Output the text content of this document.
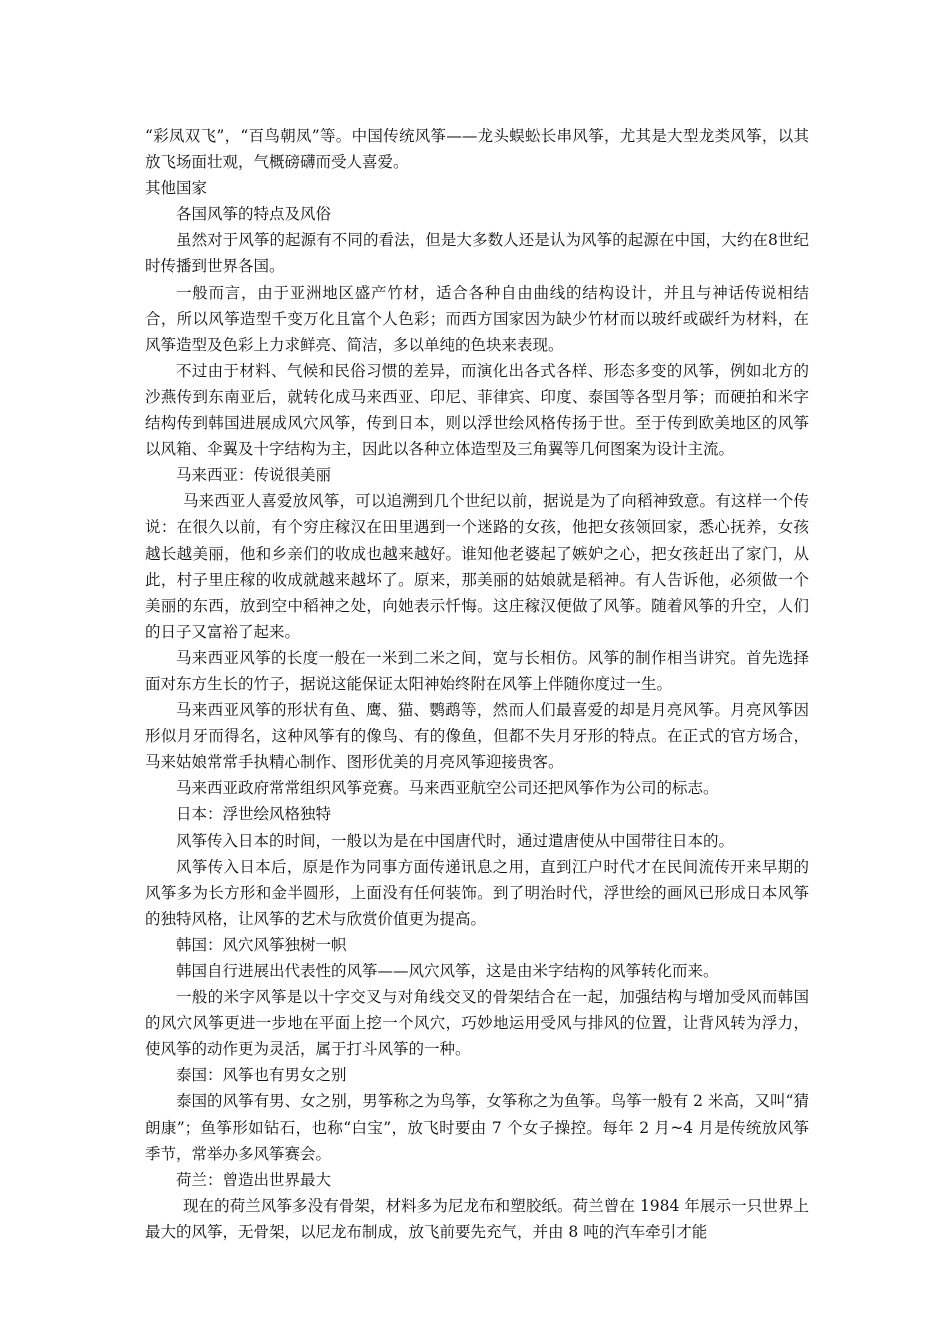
“彩凤双飞”，“百鸟朝凤”等。中国传统风筝——龙头蜈蚣长串风筝，尤其是大型龙类风筝，以其放飞场面壮观，气概磅礴而受人喜爱。

其他国家

各国风筝的特点及风俗

虽然对于风筝的起源有不同的看法，但是大多数人还是认为风筝的起源在中国，大约在8世纪时传播到世界各国。

一般而言，由于亚洲地区盛产竹材，适合各种自由曲线的结构设计，并且与神话传说相结合，所以风筝造型千变万化且富个人色彩；而西方国家因为缺少竹材而以玻纤或碳纤为材料，在风筝造型及色彩上力求鲜亮、简洁，多以单纯的色块来表现。

不过由于材料、气候和民俗习惯的差异，而演化出各式各样、形态多变的风筝，例如北方的沙燕传到东南亚后，就转化成马来西亚、印尼、菲律宾、印度、泰国等各型月筝；而硬拍和米字结构传到韩国进展成风穴风筝，传到日本，则以浮世绘风格传扬于世。至于传到欧美地区的风筝以风箱、伞翼及十字结构为主，因此以各种立体造型及三角翼等几何图案为设计主流。

马来西亚：传说很美丽

马来西亚人喜爱放风筝，可以追溯到几个世纪以前，据说是为了向稻神致意。有这样一个传说：在很久以前，有个穷庄稼汉在田里遇到一个迷路的女孩，他把女孩领回家，悉心抚养，女孩越长越美丽，他和乡亲们的收成也越来越好。谁知他老婆起了嫉妒之心，把女孩赶出了家门，从此，村子里庄稼的收成就越来越坏了。原来，那美丽的姑娘就是稻神。有人告诉他，必须做一个美丽的东西，放到空中稻神之处，向她表示忏悔。这庄稼汉便做了风筝。随着风筝的升空，人们的日子又富裕了起来。

马来西亚风筝的长度一般在一米到二米之间，宽与长相仿。风筝的制作相当讲究。首先选择面对东方生长的竹子，据说这能保证太阳神始终附在风筝上伴随你度过一生。

马来西亚风筝的形状有鱼、鹰、猫、鹦鹉等，然而人们最喜爱的却是月亮风筝。月亮风筝因形似月牙而得名，这种风筝有的像鸟、有的像鱼，但都不失月牙形的特点。在正式的官方场合，马来姑娘常常手执精心制作、图形优美的月亮风筝迎接贵客。

马来西亚政府常常组织风筝竞赛。马来西亚航空公司还把风筝作为公司的标志。

日本：浮世绘风格独特

风筝传入日本的时间，一般以为是在中国唐代时，通过遣唐使从中国带往日本的。

风筝传入日本后，原是作为同事方面传递讯息之用，直到江户时代才在民间流传开来早期的风筝多为长方形和金半圆形，上面没有任何装饰。到了明治时代，浮世绘的画风已形成日本风筝的独特风格，让风筝的艺术与欣赏价值更为提高。

韩国：风穴风筝独树一帜

韩国自行进展出代表性的风筝——风穴风筝，这是由米字结构的风筝转化而来。

一般的米字风筝是以十字交叉与对角线交叉的骨架结合在一起，加强结构与增加受风而韩国的风穴风筝更进一步地在平面上挖一个风穴，巧妙地运用受风与排风的位置，让背风转为浮力，使风筝的动作更为灵活，属于打斗风筝的一种。

泰国：风筝也有男女之别

泰国的风筝有男、女之别，男筝称之为鸟筝，女筝称之为鱼筝。鸟筝一般有 2 米高，又叫“猜朗康”；鱼筝形如钻石，也称“白宝”，放飞时要由 7 个女子操控。每年 2 月~4 月是传统放风筝季节，常举办多风筝赛会。

荷兰：曾造出世界最大

现在的荷兰风筝多没有骨架，材料多为尼龙布和塑胶纸。荷兰曾在 1984 年展示一只世界上最大的风筝，无骨架，以尼龙布制成，放飞前要先充气，并由 8 吨的汽车牵引才能
